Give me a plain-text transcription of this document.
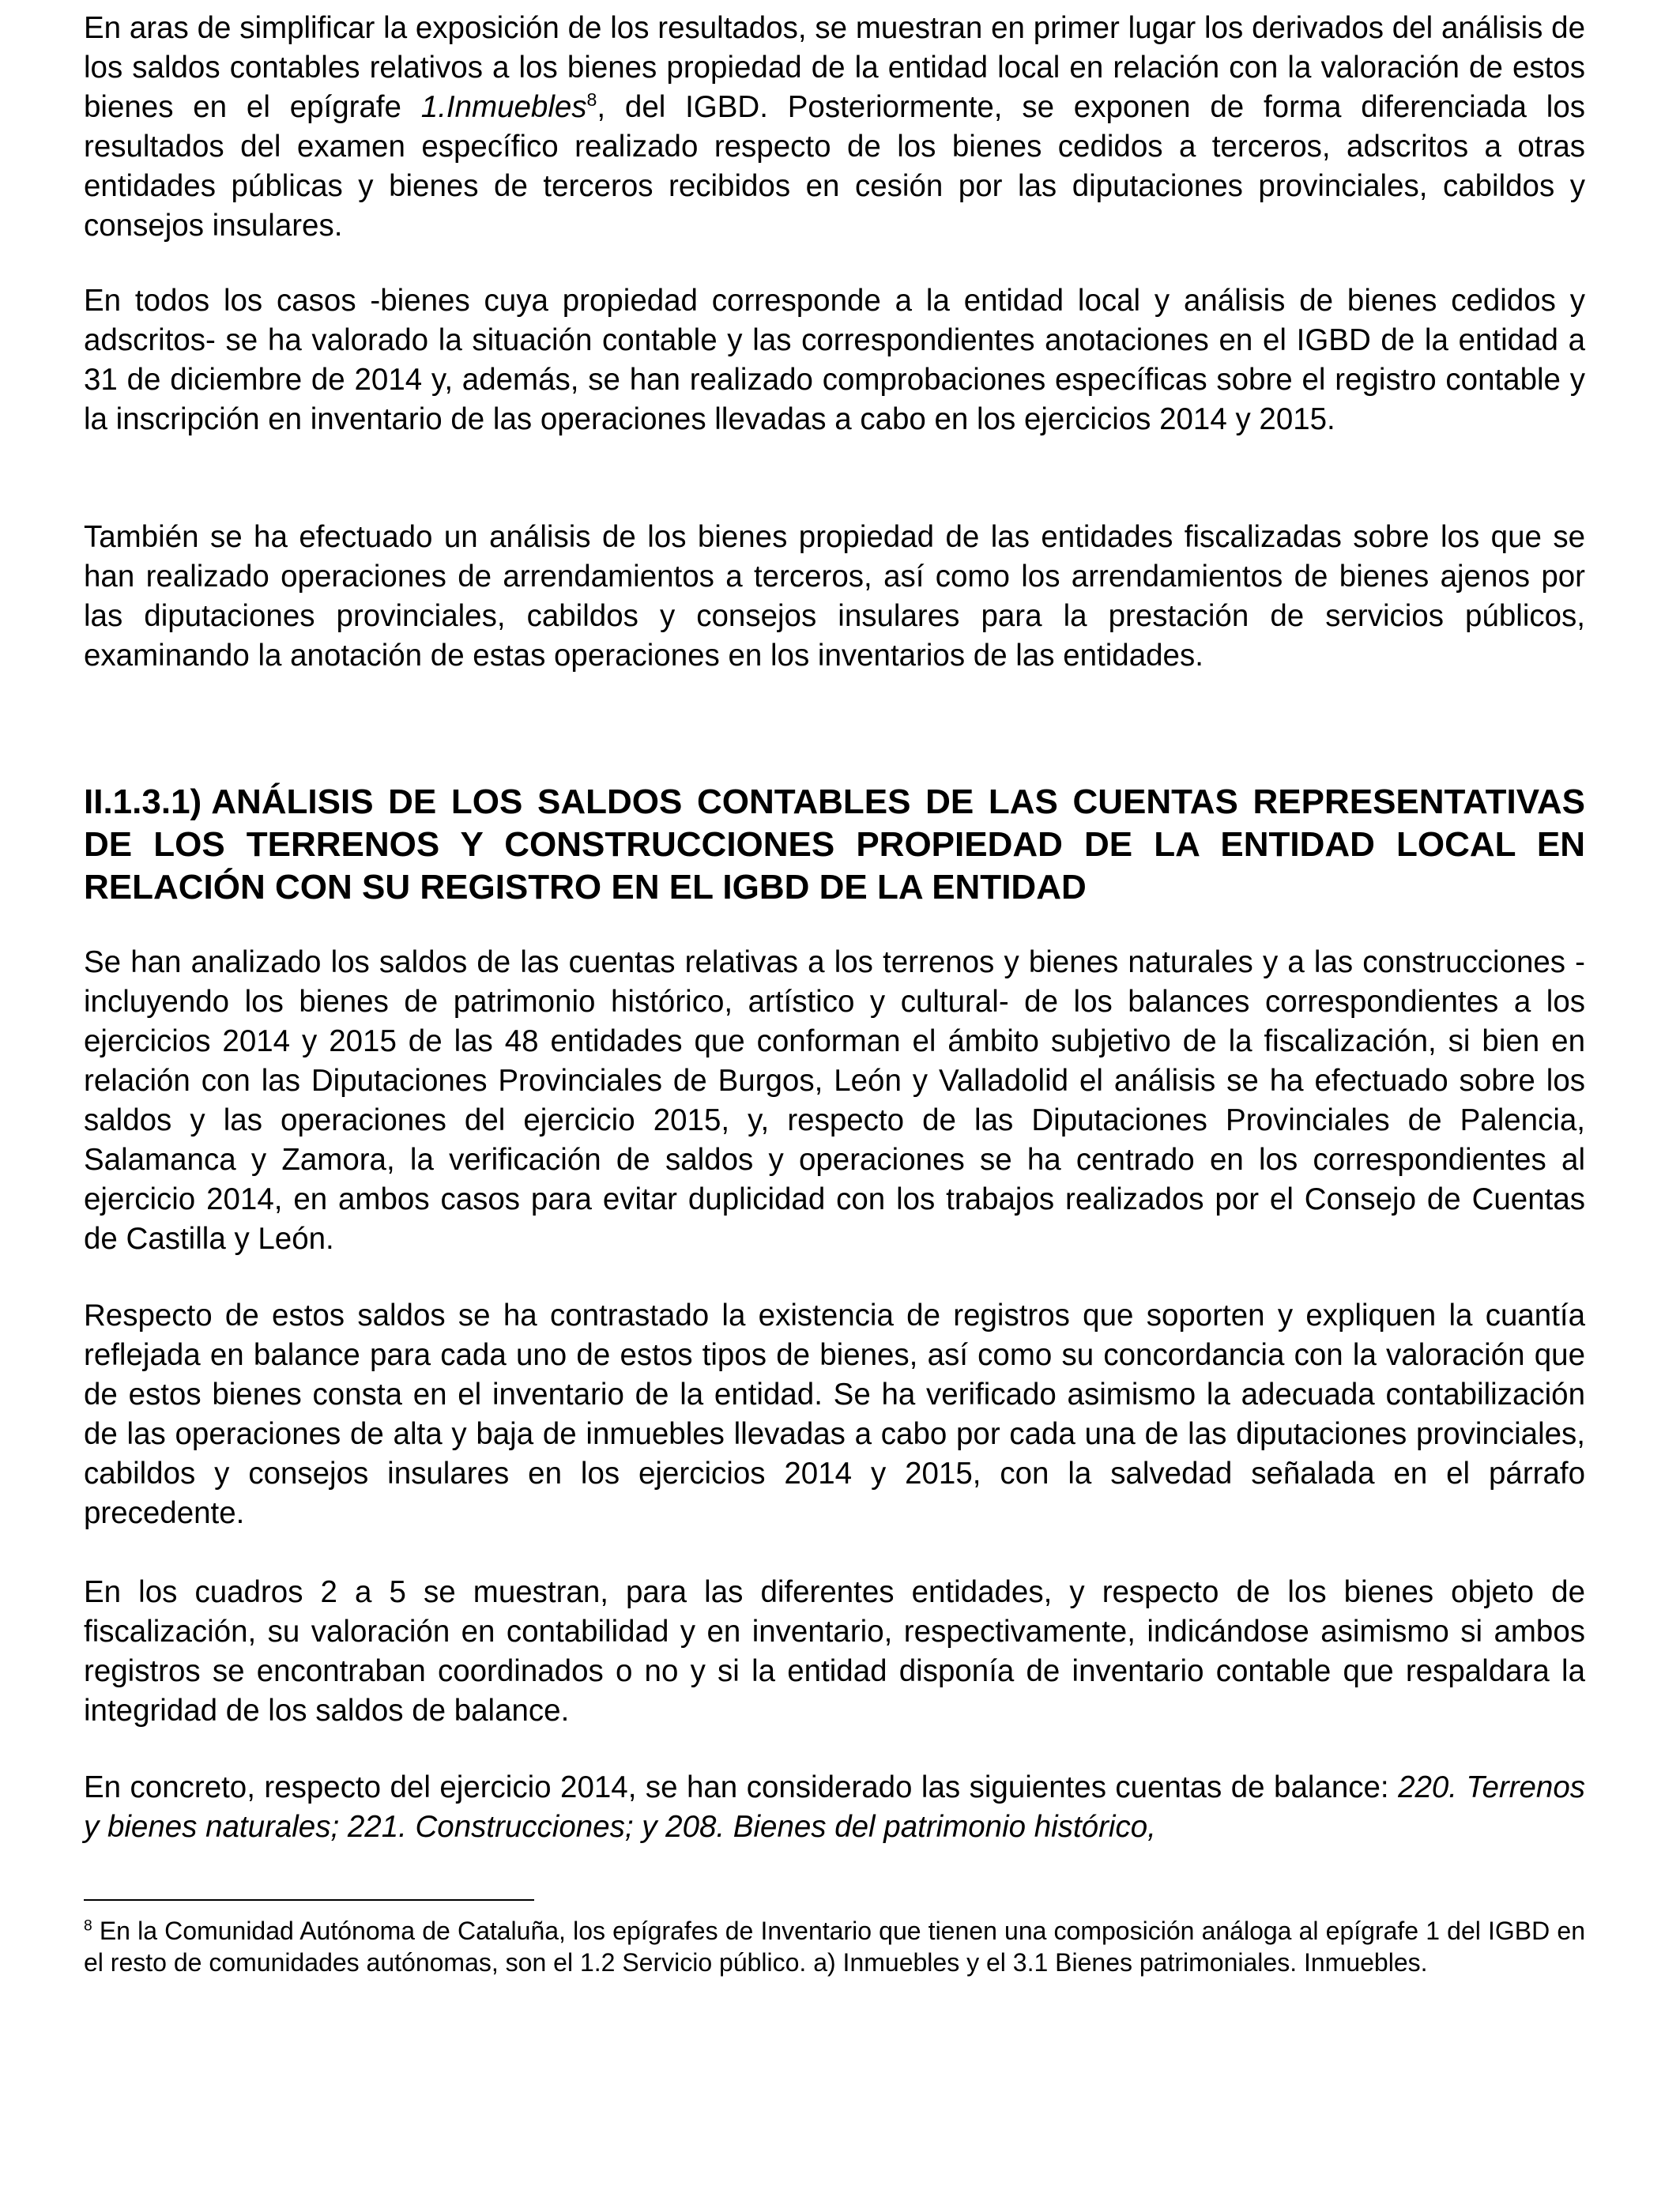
En aras de simplificar la exposición de los resultados, se muestran en primer lugar los derivados del análisis de los saldos contables relativos a los bienes propiedad de la entidad local en relación con la valoración de estos bienes en el epígrafe 1.Inmuebles$^8$, del IGBD. Posteriormente, se exponen de forma diferenciada los resultados del examen específico realizado respecto de los bienes cedidos a terceros, adscritos a otras entidades públicas y bienes de terceros recibidos en cesión por las diputaciones provinciales, cabildos y consejos insulares.

En todos los casos -bienes cuya propiedad corresponde a la entidad local y análisis de bienes cedidos y adscritos- se ha valorado la situación contable y las correspondientes anotaciones en el IGBD de la entidad a 31 de diciembre de 2014 y, además, se han realizado comprobaciones específicas sobre el registro contable y la inscripción en inventario de las operaciones llevadas a cabo en los ejercicios 2014 y 2015.

También se ha efectuado un análisis de los bienes propiedad de las entidades fiscalizadas sobre los que se han realizado operaciones de arrendamientos a terceros, así como los arrendamientos de bienes ajenos por las diputaciones provinciales, cabildos y consejos insulares para la prestación de servicios públicos, examinando la anotación de estas operaciones en los inventarios de las entidades.

II.1.3.1) ANÁLISIS DE LOS SALDOS CONTABLES DE LAS CUENTAS REPRESENTATIVAS DE LOS TERRENOS Y CONSTRUCCIONES PROPIEDAD DE LA ENTIDAD LOCAL EN RELACIÓN CON SU REGISTRO EN EL IGBD DE LA ENTIDAD

Se han analizado los saldos de las cuentas relativas a los terrenos y bienes naturales y a las construcciones -incluyendo los bienes de patrimonio histórico, artístico y cultural- de los balances correspondientes a los ejercicios 2014 y 2015 de las 48 entidades que conforman el ámbito subjetivo de la fiscalización, si bien en relación con las Diputaciones Provinciales de Burgos, León y Valladolid el análisis se ha efectuado sobre los saldos y las operaciones del ejercicio 2015, y, respecto de las Diputaciones Provinciales de Palencia, Salamanca y Zamora, la verificación de saldos y operaciones se ha centrado en los correspondientes al ejercicio 2014, en ambos casos para evitar duplicidad con los trabajos realizados por el Consejo de Cuentas de Castilla y León.

Respecto de estos saldos se ha contrastado la existencia de registros que soporten y expliquen la cuantía reflejada en balance para cada uno de estos tipos de bienes, así como su concordancia con la valoración que de estos bienes consta en el inventario de la entidad. Se ha verificado asimismo la adecuada contabilización de las operaciones de alta y baja de inmuebles llevadas a cabo por cada una de las diputaciones provinciales, cabildos y consejos insulares en los ejercicios 2014 y 2015, con la salvedad señalada en el párrafo precedente.

En los cuadros 2 a 5 se muestran, para las diferentes entidades, y respecto de los bienes objeto de fiscalización, su valoración en contabilidad y en inventario, respectivamente, indicándose asimismo si ambos registros se encontraban coordinados o no y si la entidad disponía de inventario contable que respaldara la integridad de los saldos de balance.

En concreto, respecto del ejercicio 2014, se han considerado las siguientes cuentas de balance: 220. Terrenos y bienes naturales; 221. Construcciones; y 208. Bienes del patrimonio histórico,

$^8$ En la Comunidad Autónoma de Cataluña, los epígrafes de Inventario que tienen una composición análoga al epígrafe 1 del IGBD en el resto de comunidades autónomas, son el 1.2 Servicio público. a) Inmuebles y el 3.1 Bienes patrimoniales. Inmuebles.
